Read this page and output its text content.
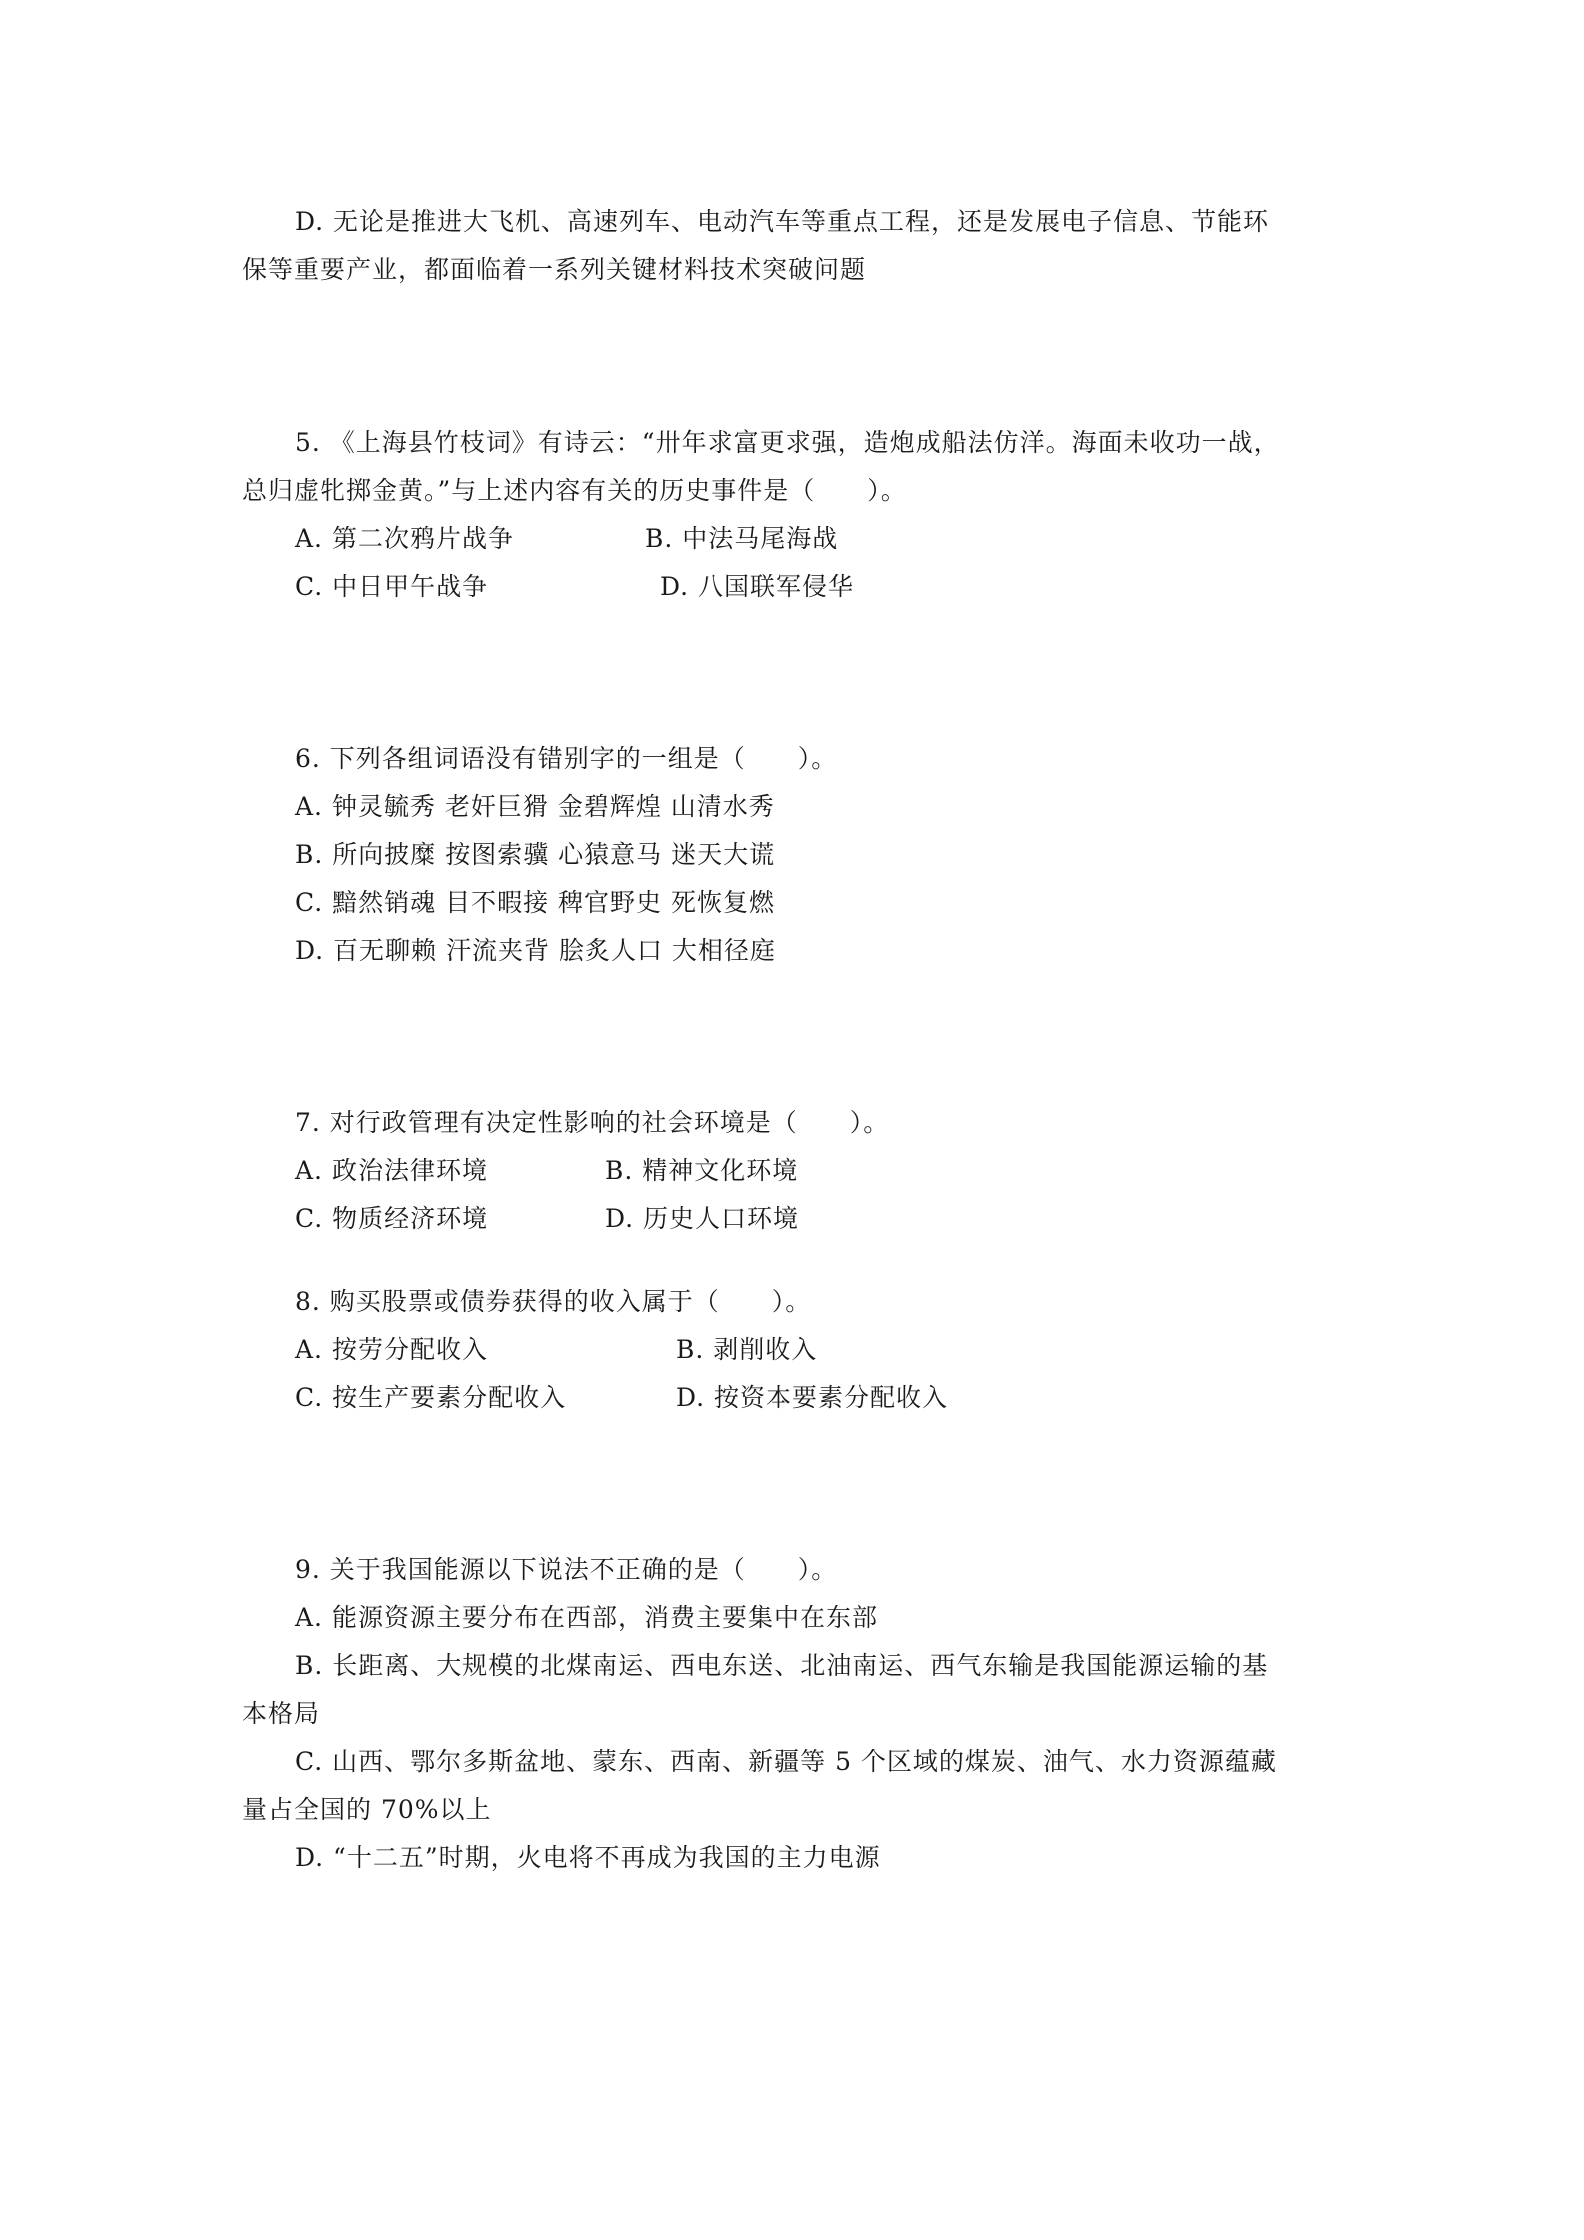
D. 无论是推进大飞机、高速列车、电动汽车等重点工程，还是发展电子信息、节能环
保等重要产业，都面临着一系列关键材料技术突破问题
5. 《上海县竹枝词》有诗云：“卅年求富更求强，造炮成船法仿洋。海面未收功一战，
总归虚牝掷金黄。”与上述内容有关的历史事件是（　　）。
A. 第二次鸦片战争	B. 中法马尾海战
C. 中日甲午战争	D. 八国联军侵华
6. 下列各组词语没有错别字的一组是（　　）。
A. 钟灵毓秀 老奸巨猾 金碧辉煌 山清水秀
B. 所向披糜 按图索骥 心猿意马 迷天大谎
C. 黯然销魂 目不暇接 稗官野史 死恢复燃
D. 百无聊赖 汗流夹背 脍炙人口 大相径庭
7. 对行政管理有决定性影响的社会环境是（　　）。
A. 政治法律环境	B. 精神文化环境
C. 物质经济环境	D. 历史人口环境
8. 购买股票或债券获得的收入属于（　　）。
A. 按劳分配收入	B. 剥削收入
C. 按生产要素分配收入	D. 按资本要素分配收入
9. 关于我国能源以下说法不正确的是（　　）。
A. 能源资源主要分布在西部，消费主要集中在东部
B. 长距离、大规模的北煤南运、西电东送、北油南运、西气东输是我国能源运输的基
本格局
C. 山西、鄂尔多斯盆地、蒙东、西南、新疆等 5 个区域的煤炭、油气、水力资源蕴藏
量占全国的 70%以上
D. “十二五”时期，火电将不再成为我国的主力电源
